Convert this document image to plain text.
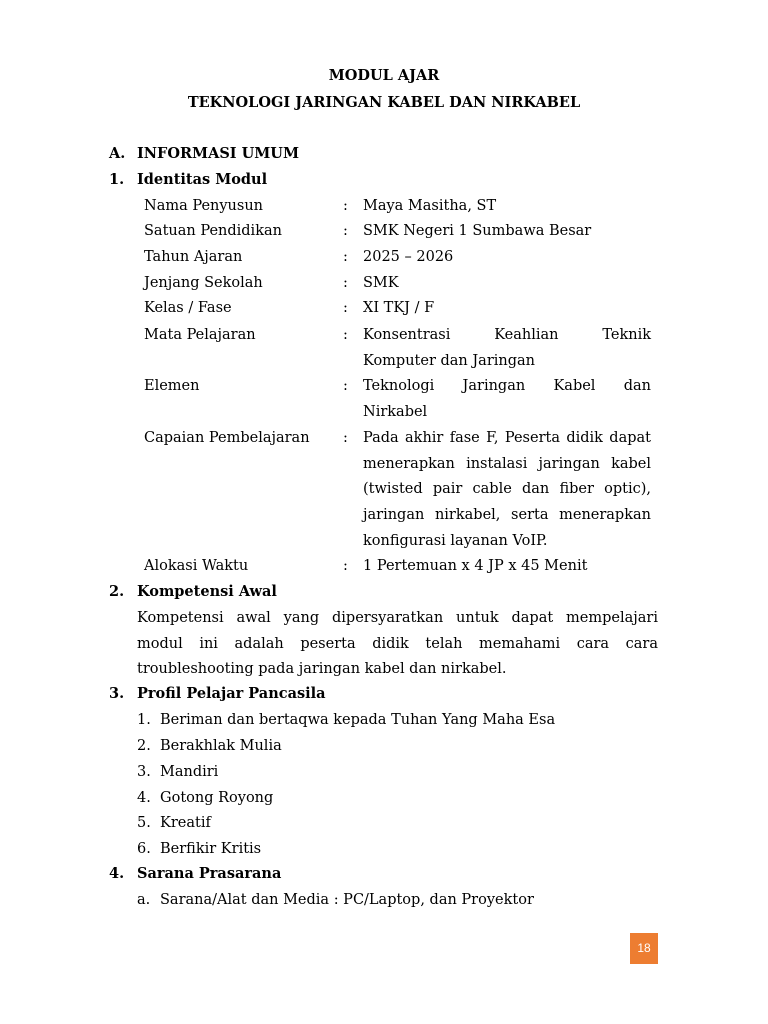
MODUL AJAR
TEKNOLOGI JARINGAN KABEL DAN NIRKABEL
A. INFORMASI UMUM
1. Identitas Modul
Nama Penyusun	: Maya Masitha, ST
Satuan Pendidikan	: SMK Negeri 1 Sumbawa Besar
Tahun Ajaran	: 2025 – 2026
Jenjang Sekolah	: SMK
Kelas / Fase	: XI TKJ / F
Mata Pelajaran	: Konsentrasi Keahlian Teknik
Komputer dan Jaringan
Elemen	: Teknologi Jaringan Kabel dan
Nirkabel
Capaian Pembelajaran : Pada akhir fase F, Peserta didik dapat
menerapkan instalasi jaringan kabel
(twisted pair cable dan fiber optic),
jaringan nirkabel, serta menerapkan
konfigurasi layanan VoIP.
Alokasi Waktu	: 1 Pertemuan x 4 JP x 45 Menit
2. Kompetensi Awal
Kompetensi awal yang dipersyaratkan untuk dapat mempelajari
modul ini adalah peserta didik telah memahami cara cara
troubleshooting pada jaringan kabel dan nirkabel.
3. Profil Pelajar Pancasila
1. Beriman dan bertaqwa kepada Tuhan Yang Maha Esa
2. Berakhlak Mulia
3. Mandiri
4. Gotong Royong
5. Kreatif
6. Berfikir Kritis
4. Sarana Prasarana
a. Sarana/Alat dan Media : PC/Laptop, dan Proyektor
18
